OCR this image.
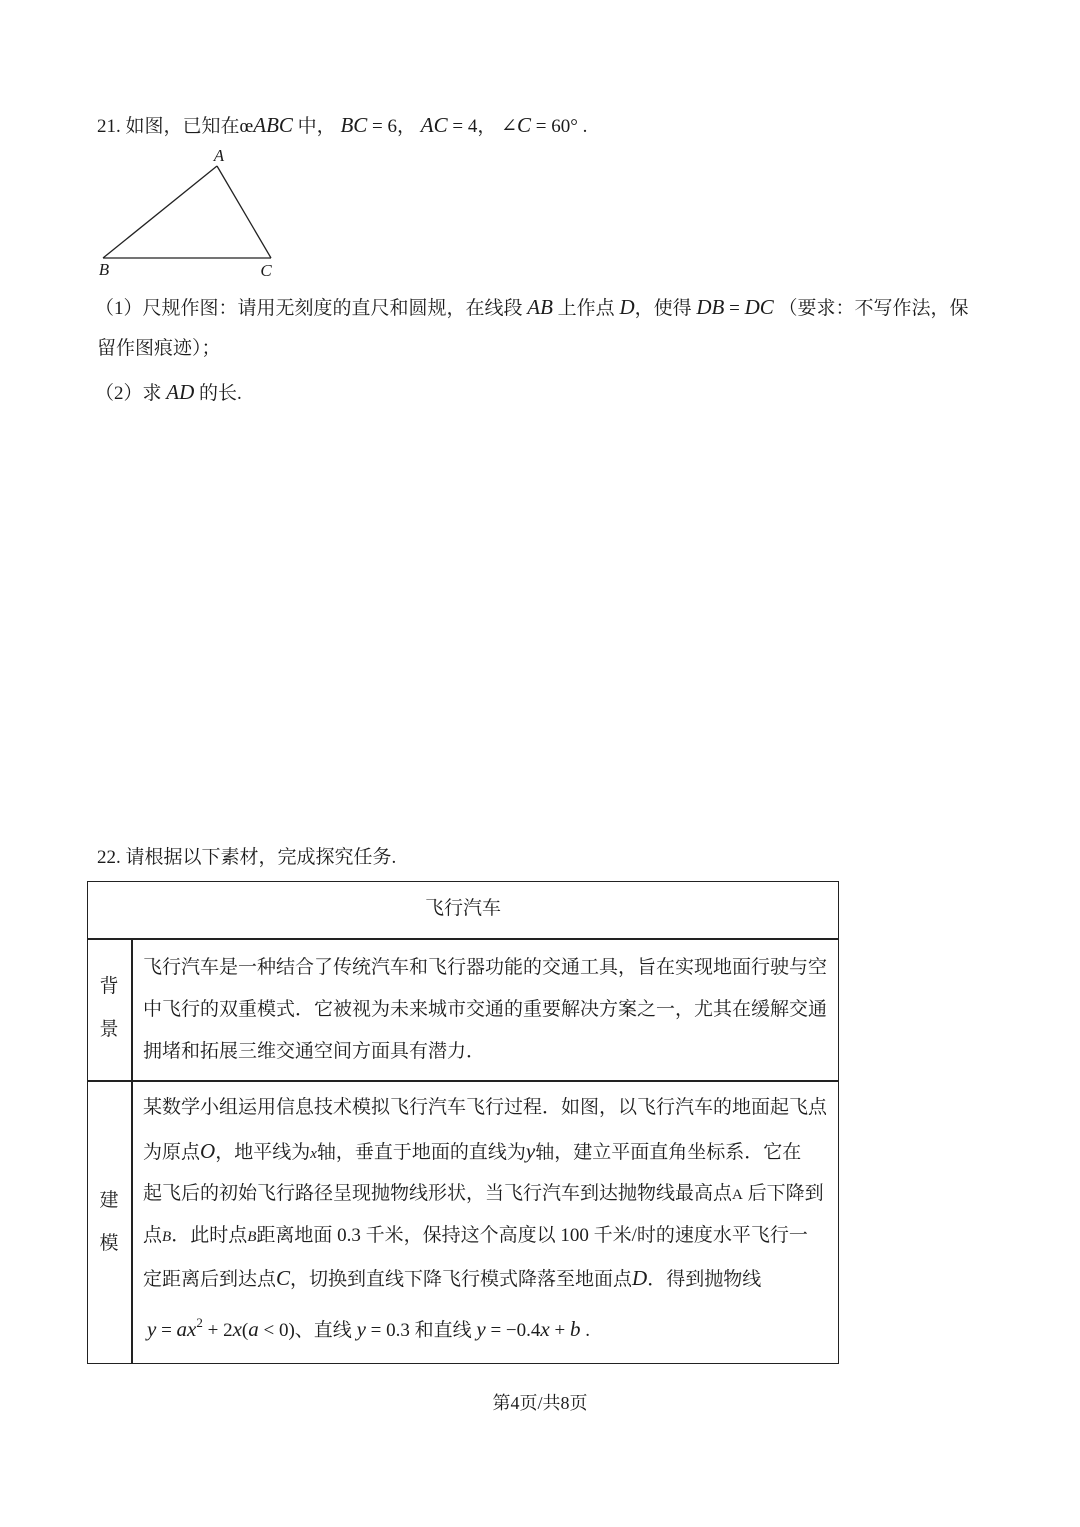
21. 如图，已知在œABC 中， BC = 6， AC = 4， ∠C = 60° .
A
B	C
（1）尺规作图：请用无刻度的直尺和圆规，在线段 AB 上作点 D，使得 DB = DC （要求：不写作法，保
留作图痕迹）；
（2）求 AD 的长.
22. 请根据以下素材，完成探究任务.
飞行汽车
背景
飞行汽车是一种结合了传统汽车和飞行器功能的交通工具，旨在实现地面行驶与空
中飞行的双重模式．它被视为未来城市交通的重要解决方案之一，尤其在缓解交通
拥堵和拓展三维交通空间方面具有潜力．
建模
某数学小组运用信息技术模拟飞行汽车飞行过程．如图，以飞行汽车的地面起飞点
为原点O，地平线为x轴，垂直于地面的直线为y轴，建立平面直角坐标系．它在
起飞后的初始飞行路径呈现抛物线形状，当飞行汽车到达抛物线最高点A 后下降到
点B．此时点B距离地面 0.3 千米，保持这个高度以 100 千米/时的速度水平飞行一
定距离后到达点C，切换到直线下降飞行模式降落至地面点D．得到抛物线
$y = ax^2 + 2x(a < 0)$、直线 y = 0.3 和直线 y = −0.4x + b .
第4页/共8页
